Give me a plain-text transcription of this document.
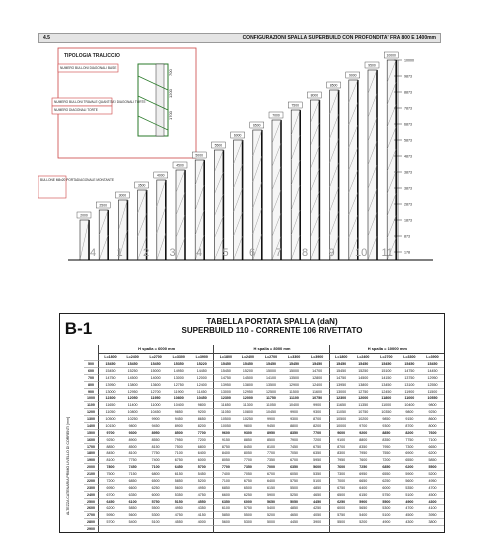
4.5	CONFIGURAZIONI SPALLA SUPERBUILD CON PROFONDITA' FRA 800 E 1400mm
TIPOLOGIA TRALICCIO
700
1200
1700
NUMERO BULLONI DIAGONALI BASE
NUMERO BULLONI TRAVALE QUANTITA'/ DIAGONALI TORTE
NUMERO DIAGONALI TORTE
BULLONE M8x20 PORTADIAGONALE MONTANTE
2000
2500
3000
3500
4000
4500
5000
5500
6000
6500
7000
7500
8000
8500
9000
9500
10000
4 1 2 3 4 5 6 7 8 9 10 11
10000
9873
8873
7873
6873
5873
4873
3873
3873
2873
1873
873
178
B-1	TABELLA PORTATA SPALLA (daN)
SUPERBUILD 110 - CORRENTE 106 RIVETTATO
H spalla = 6000 mm	H spalla = 8000 mm	H spalla = 10000 mm
L=1800	L=2400	L=2700	L=3300	L=3900	L=1800	L=2400	L=2700	L=3300	L=3900	L=1800	L=2400	L=2700	L=3300	L=3900
500	15450	15450	15450	15350	15220	15450	15450	15450	15450	15450	15450	15450	15450	15450	15450
600	15450	15250	15000	14950	14450	15450	15200	15000	15000	14700	15450	15250	15100	14750	14450
700	14750	14500	14000	13000	12000	14750	14500	14100	13500	12800	14750	14500	14150	13750	12950
800	13950	13800	13600	12750	12400	13950	13800	13500	12900	12400	13950	13800	13450	13100	12550
900	13000	12950	12700	11900	11450	13000	12950	12500	11500	11600	13000	12750	12450	11900	11500
1000	12300	12050	11950	10800	10450	12300	12000	11750	11100	10750	12300	12000	11800	11000	10550
1100	11650	11400	11000	10400	9800	11650	11300	11050	10400	9900	11650	11350	11000	10400	9800
1200	11050	10800	10450	9850	9200	11050	10800	10450	9900	9300	11050	10750	10350	9800	9250
1300	10500	10250	9900	9450	8650	10500	10250	9900	9300	8700	10500	10200	9850	9150	8600
1400	10150	9800	9450	8900	8200	10050	9800	9450	8800	8200	10000	9700	9300	8700	8000
1500	9700	9300	8950	8500	7700	9600	9300	8950	8350	7700	9600	9200	8850	8200	7600
1600	9250	8900	8550	7950	7200	9150	8850	8500	7900	7200	9100	8800	8350	7750	7100
1700	8850	8500	8150	7500	6800	8750	8450	8100	7450	6750	8700	8350	7950	7300	6650
1800	8450	8100	7750	7100	6400	8400	8050	7700	7050	6350	8300	7950	7550	6900	6200
1900	8100	7750	7400	6750	6000	8050	7700	7350	6700	5950	7950	7600	7200	6550	5850
2000	7800	7450	7100	6450	5700	7700	7350	7000	6350	5600	7600	7250	6850	6200	5500
2100	7500	7150	6800	6150	5450	7400	7050	6700	6050	5350	7300	6950	6550	5900	5200
2200	7200	6850	6500	5850	5200	7100	6750	6400	5750	5100	7000	6650	6250	5600	4950
2300	6950	6600	6250	5600	4950	6850	6500	6150	5500	4850	6750	6400	6000	5350	4700
2400	6700	6350	6000	5350	4750	6600	6250	5900	5250	4650	6500	6150	5750	5100	4500
2500	6450	6100	5750	5150	4550	6350	6000	5650	5050	4450	6250	5900	5500	4900	4300
2600	6200	5850	5500	4950	4350	6100	5750	5400	4850	4250	6000	5650	5300	4700	4100
2700	5950	5600	5300	4750	4150	5850	5500	5200	4650	4050	5750	5400	5100	4500	3950
2800	5700	5400	5100	4550	4000	5600	5300	5000	4450	3900	5500	5200	4900	4300	3800
2900
ALTEZZA CATENARIA PRIMO LIVELLO DI CORRENTI [mm]
